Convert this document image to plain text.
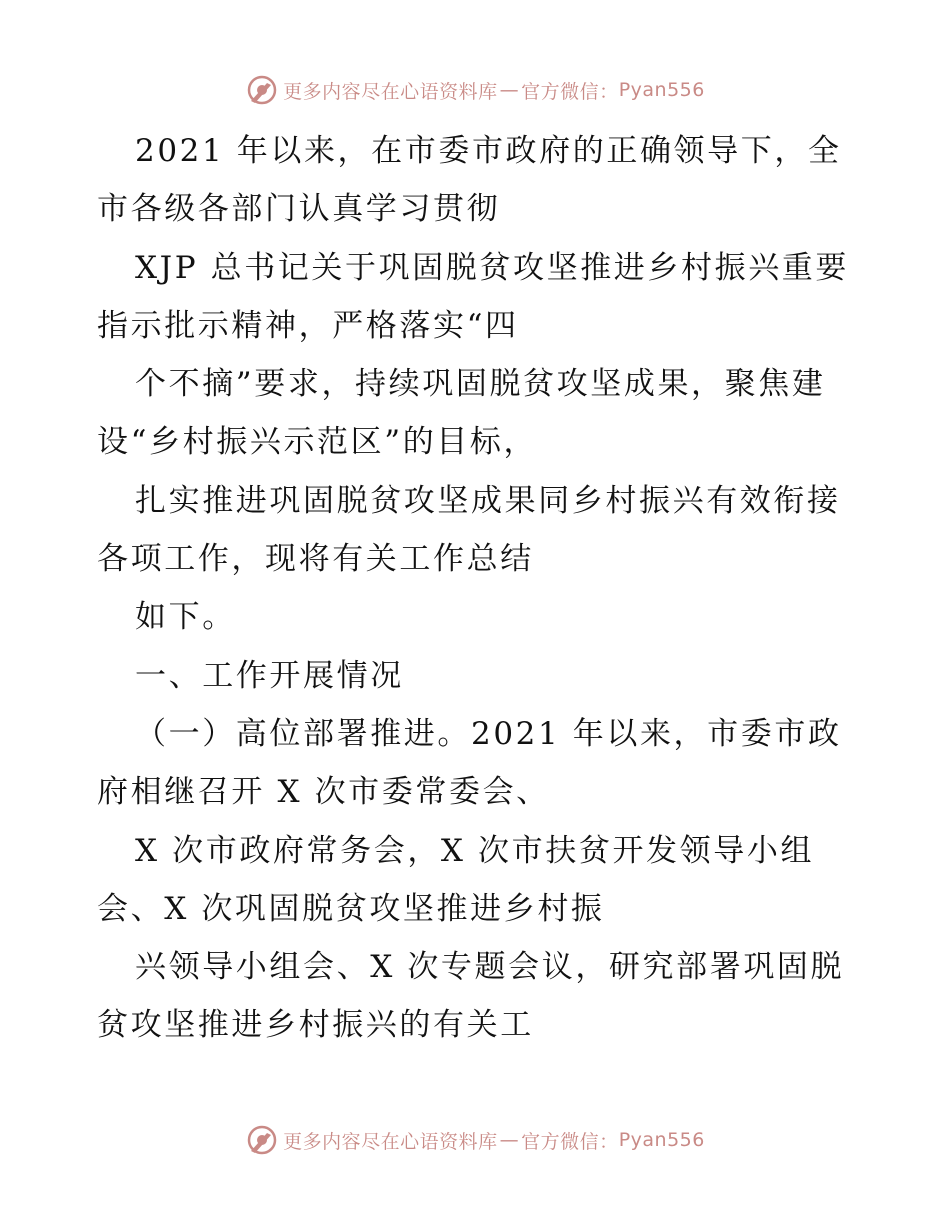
更多内容尽在心语资料库 — 官方微信： Pyan556
2021 年以来，在市委市政府的正确领导下，全
市各级各部门认真学习贯彻
XJP 总书记关于巩固脱贫攻坚推进乡村振兴重要
指示批示精神，严格落实“四
个不摘”要求，持续巩固脱贫攻坚成果，聚焦建
设“乡村振兴示范区”的目标，
扎实推进巩固脱贫攻坚成果同乡村振兴有效衔接
各项工作，现将有关工作总结
如下。
一、工作开展情况
（一）高位部署推进。2021 年以来，市委市政
府相继召开 X 次市委常委会、
X 次市政府常务会，X 次市扶贫开发领导小组
会、X 次巩固脱贫攻坚推进乡村振
兴领导小组会、X 次专题会议，研究部署巩固脱
贫攻坚推进乡村振兴的有关工
更多内容尽在心语资料库 — 官方微信： Pyan556
